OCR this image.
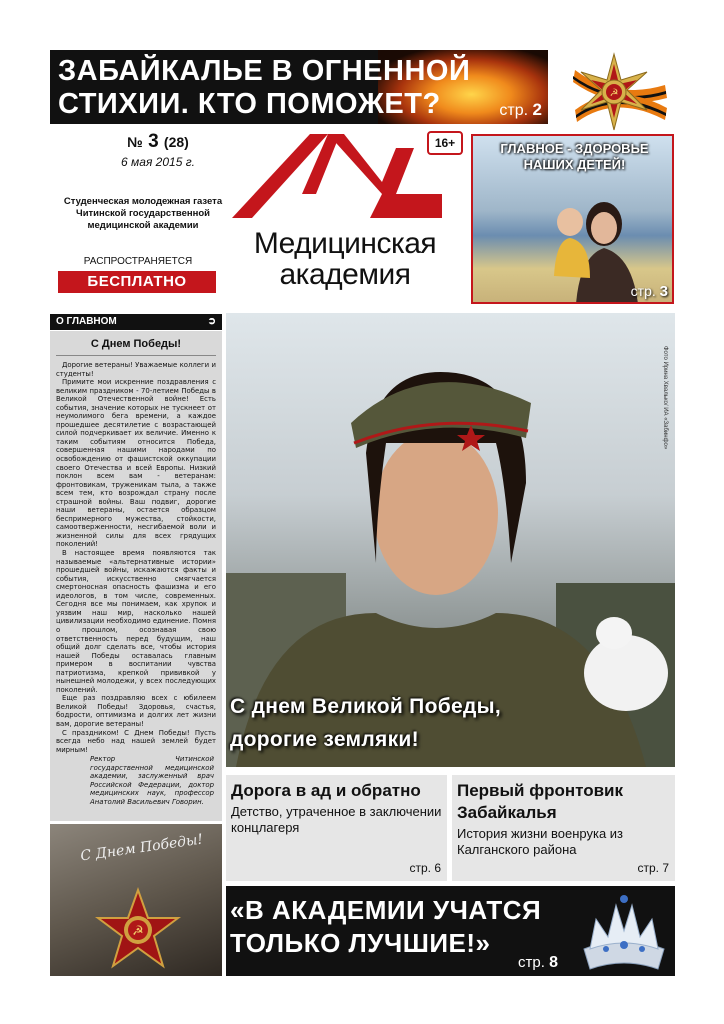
ЗАБАЙКАЛЬЕ В ОГНЕННОЙ СТИХИИ. КТО ПОМОЖЕТ?	стр. 2
☭
№ 3 (28)
6 мая 2015 г.
Студенческая молодежная газета Читинской государственной медицинской академии
РАСПРОСТРАНЯЕТСЯ
БЕСПЛАТНО
16+
Медицинская
академия
ГЛАВНОЕ - ЗДОРОВЬЕ НАШИХ ДЕТЕЙ!
стр. 3
О ГЛАВНОМ	➲
С Днем Победы!

Дорогие ветераны! Уважаемые коллеги и студенты!

Примите мои искренние поздравления с великим праздником - 70-летием Победы в Великой Отечественной войне! Есть события, значение которых не тускнеет от неумолимого бега времени, а каждое прошедшее десятилетие с возрастающей силой подчеркивает их величие. Именно к таким событиям относится Победа, совершенная нашими народами по освобождению от фашистской оккупации своего Отечества и всей Европы. Низкий поклон всем вам - ветеранам: фронтовикам, труженикам тыла, а также всем тем, кто возрождал страну после страшной войны. Ваш подвиг, дорогие наши ветераны, остается образцом беспримерного мужества, стойкости, самоотверженности, несгибаемой воли и жизненной силы для всех грядущих поколений!

В настоящее время появляются так называемые «альтернативные истории» прошедшей войны, искажаются факты и события, искусственно смягчается смертоносная опасность фашизма и его идеологов, в том числе, современных. Сегодня все мы понимаем, как хрупок и уязвим наш мир, насколько нашей цивилизации необходимо единение. Помня о прошлом, осознавая свою ответственность перед будущим, наш общий долг сделать все, чтобы история нашей Победы оставалась главным примером в воспитании чувства патриотизма, крепкой прививкой у нынешней молодежи, у всех последующих поколений.

Еще раз поздравляю всех с юбилеем Великой Победы! Здоровья, счастья, бодрости, оптимизма и долгих лет жизни вам, дорогие ветераны!

С праздником! С Днем Победы! Пусть всегда небо над нашей землей будет мирным!

Ректор Читинской государственной медицинской академии, заслуженный врач Российской Федерации, доктор медицинских наук, профессор Анатолий Васильевич Говорин.
С Днем Победы!
☭
Фото Ирина Хвалько/ ИА «Забинфо»
С днем Великой Победы,
дорогие земляки!
Дорога в ад и обратно
Детство, утраченное в заключении концлагеря
стр. 6
Первый фронтовик Забайкалья
История жизни военрука из Калганского района
стр. 7
«В АКАДЕМИИ УЧАТСЯ
ТОЛЬКО ЛУЧШИЕ!»
стр. 8
